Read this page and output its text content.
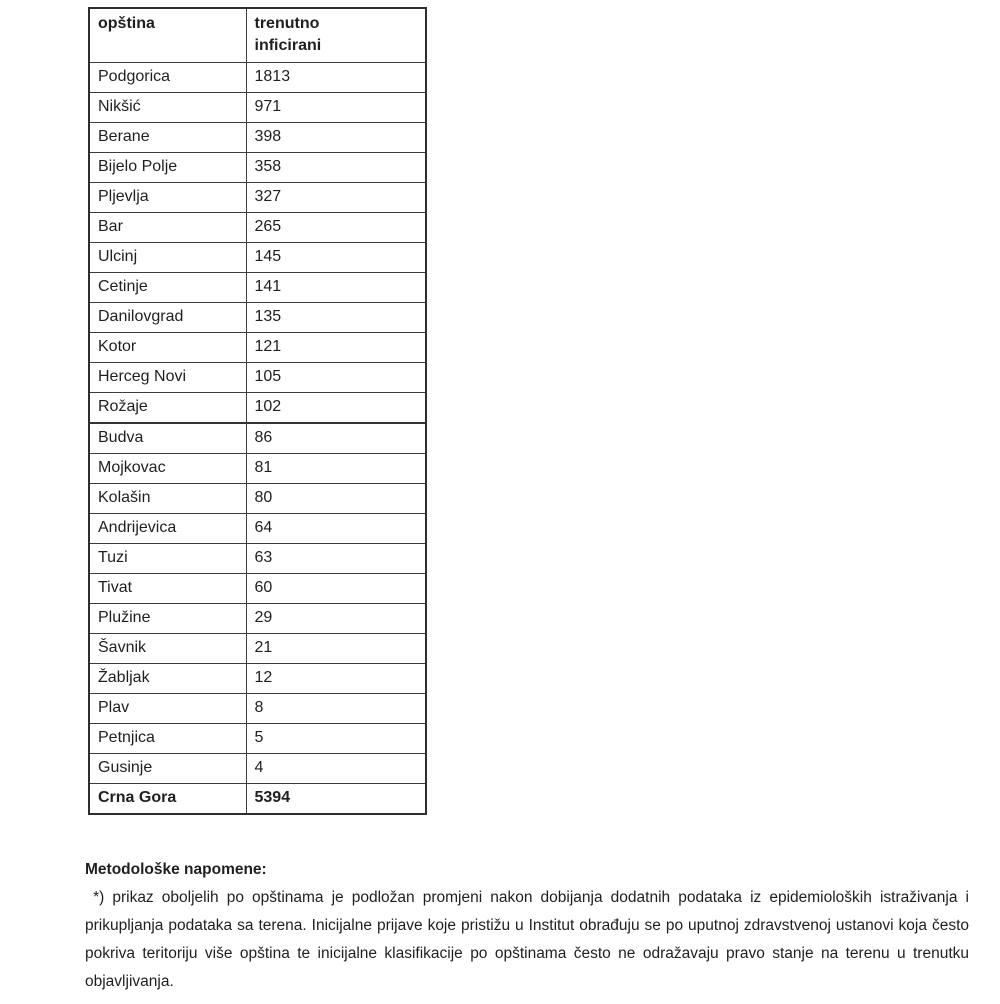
opština	trenutno inficirani
Podgorica	1813
Nikšić	971
Berane	398
Bijelo Polje	358
Pljevlja	327
Bar	265
Ulcinj	145
Cetinje	141
Danilovgrad	135
Kotor	121
Herceg Novi	105
Rožaje	102
Budva	86
Mojkovac	81
Kolašin	80
Andrijevica	64
Tuzi	63
Tivat	60
Plužine	29
Šavnik	21
Žabljak	12
Plav	8
Petnjica	5
Gusinje	4
Crna Gora	5394
Metodološke napomene:
*) prikaz oboljelih po opštinama je podložan promjeni nakon dobijanja dodatnih podataka iz epidemioloških istraživanja i prikupljanja podataka sa terena. Inicijalne prijave koje pristižu u Institut obrađuju se po uputnoj zdravstvenoj ustanovi koja često pokriva teritoriju više opština te inicijalne klasifikacije po opštinama često ne odražavaju pravo stanje na terenu u trenutku objavljivanja.
